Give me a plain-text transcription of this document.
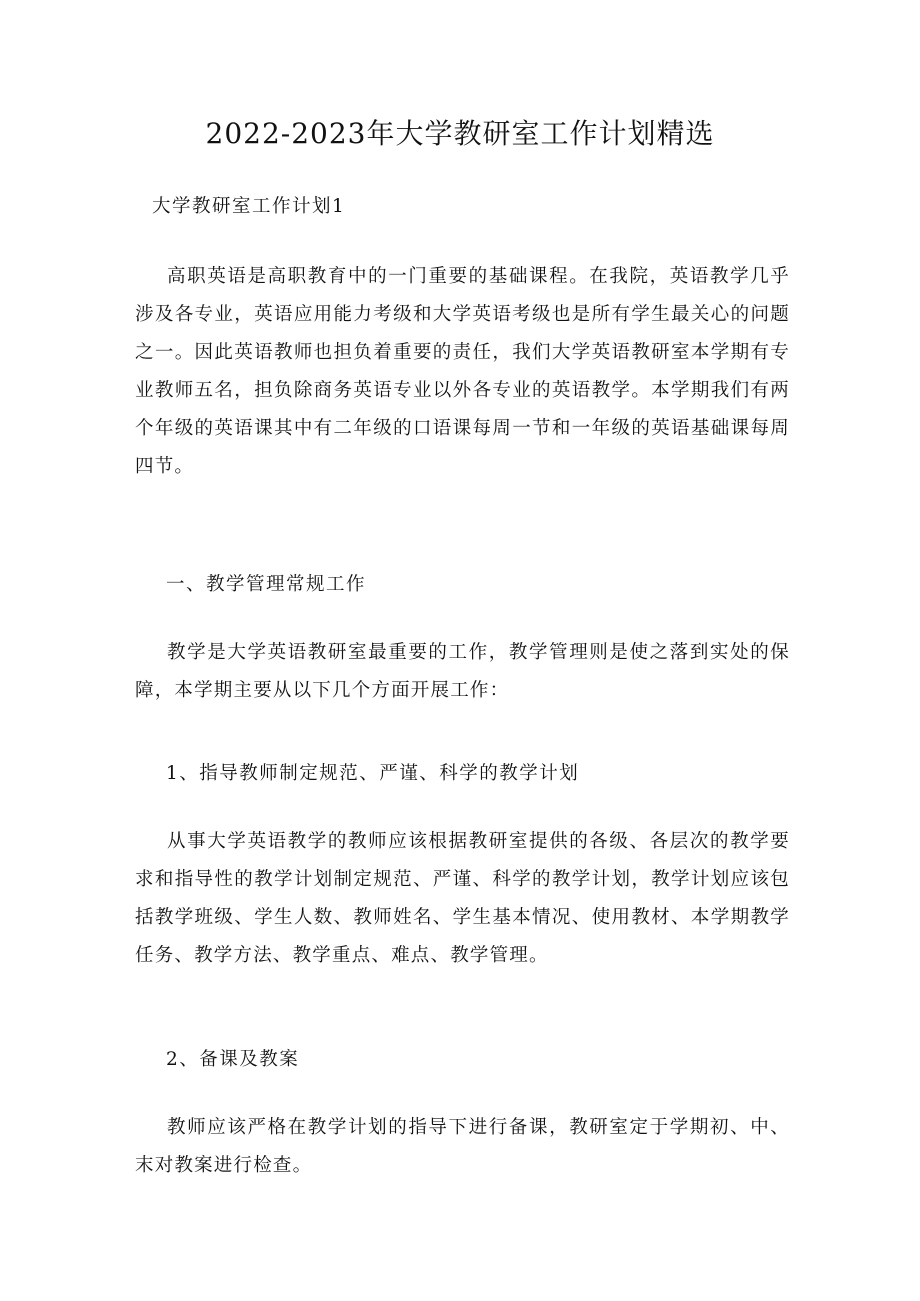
2022-2023年大学教研室工作计划精选
大学教研室工作计划1
高职英语是高职教育中的一门重要的基础课程。在我院，英语教学几乎涉及各专业，英语应用能力考级和大学英语考级也是所有学生最关心的问题之一。因此英语教师也担负着重要的责任，我们大学英语教研室本学期有专业教师五名，担负除商务英语专业以外各专业的英语教学。本学期我们有两个年级的英语课其中有二年级的口语课每周一节和一年级的英语基础课每周四节。
一、教学管理常规工作
教学是大学英语教研室最重要的工作，教学管理则是使之落到实处的保障，本学期主要从以下几个方面开展工作：
1、指导教师制定规范、严谨、科学的教学计划
从事大学英语教学的教师应该根据教研室提供的各级、各层次的教学要求和指导性的教学计划制定规范、严谨、科学的教学计划，教学计划应该包括教学班级、学生人数、教师姓名、学生基本情况、使用教材、本学期教学任务、教学方法、教学重点、难点、教学管理。
2、备课及教案
教师应该严格在教学计划的指导下进行备课，教研室定于学期初、中、末对教案进行检查。
